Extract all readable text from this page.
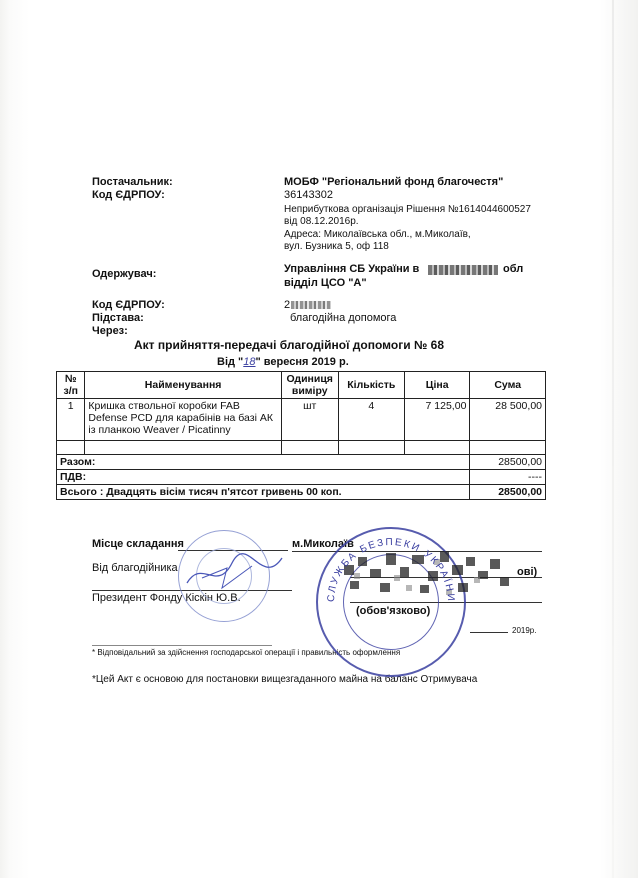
Постачальник:	МОБФ "Регіональний фонд благочестя"
Код ЄДРПОУ:	36143302
Неприбуткова організація Рішення №1614044600527
від 08.12.2016р.
Адреса: Миколаївська обл., м.Миколаїв,
вул. Бузника 5, оф 118
Одержувач:	Управління СБ України в	обл
відділ ЦСО "А"
Код ЄДРПОУ:	2
Підстава:	благодійна допомога
Через:
Акт прийняття-передачі благодійної допомоги № 68
Від "18" вересня 2019 р.
№ з/п	Найменування	Одиниця виміру	Кількість	Ціна	Сума
1	Кришка ствольної коробки FAB Defense PCD для карабінів на базі АК із планкою Weaver / Picatinny	шт	4	7 125,00	28 500,00

Разом:					28500,00
ПДВ:					----
Всього : Двадцять вісім тисяч п'ятсот гривень 00 коп.					28500,00
Місце складання	м.Миколаїв
Від благодійника	ові)
Президент Фонду Кіскін Ю.В.
(обов'язково)
2019р.
* Відповідальний за здійснення господарської операції і правильність оформлення
*Цей Акт є основою для постановки вищезгаданного майна на баланс Отримувача
СЛУЖБА БЕЗПЕКИ УКРАЇНИ
